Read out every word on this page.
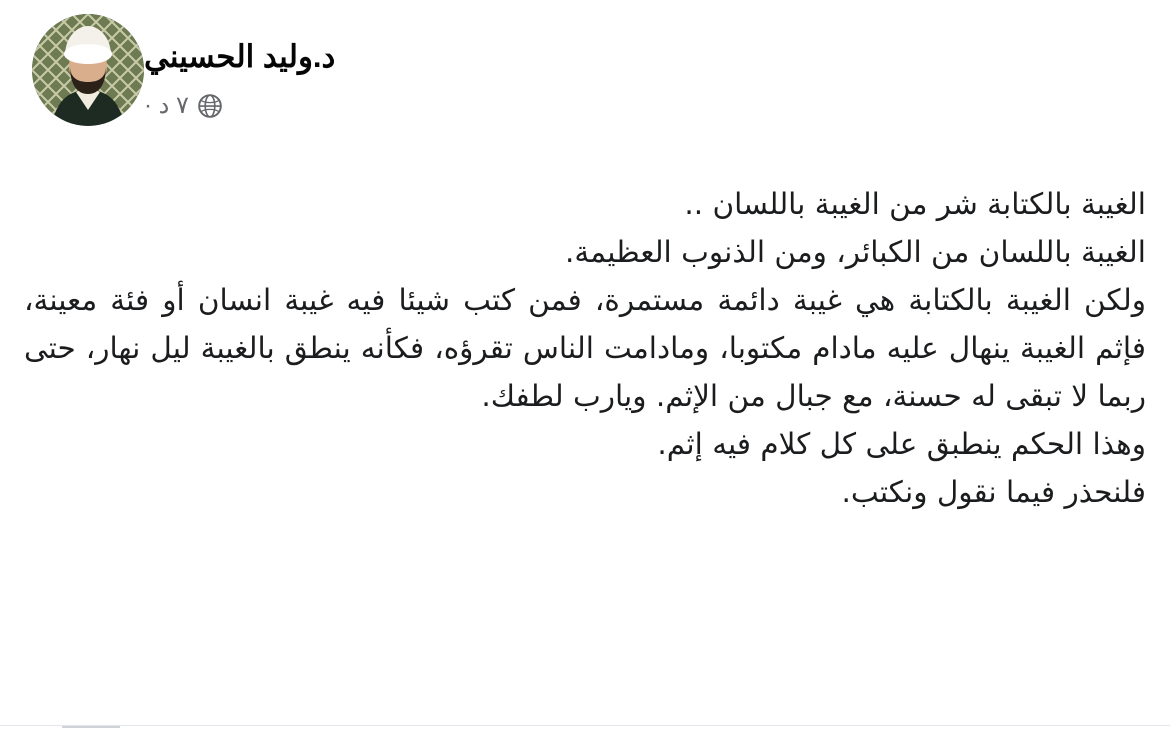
د.وليد الحسيني
٧ د ·

الغيبة بالكتابة شر من الغيبة باللسان ..

الغيبة باللسان من الكبائر، ومن الذنوب العظيمة.

ولكن الغيبة بالكتابة هي غيبة دائمة مستمرة، فمن كتب شيئا فيه غيبة انسان أو فئة معينة، فإثم الغيبة ينهال عليه مادام مكتوبا، ومادامت الناس تقرؤه، فكأنه ينطق بالغيبة ليل نهار، حتى ربما لا تبقى له حسنة، مع جبال من الإثم. ويارب لطفك.

وهذا الحكم ينطبق على كل كلام فيه إثم.

فلنحذر فيما نقول ونكتب.
